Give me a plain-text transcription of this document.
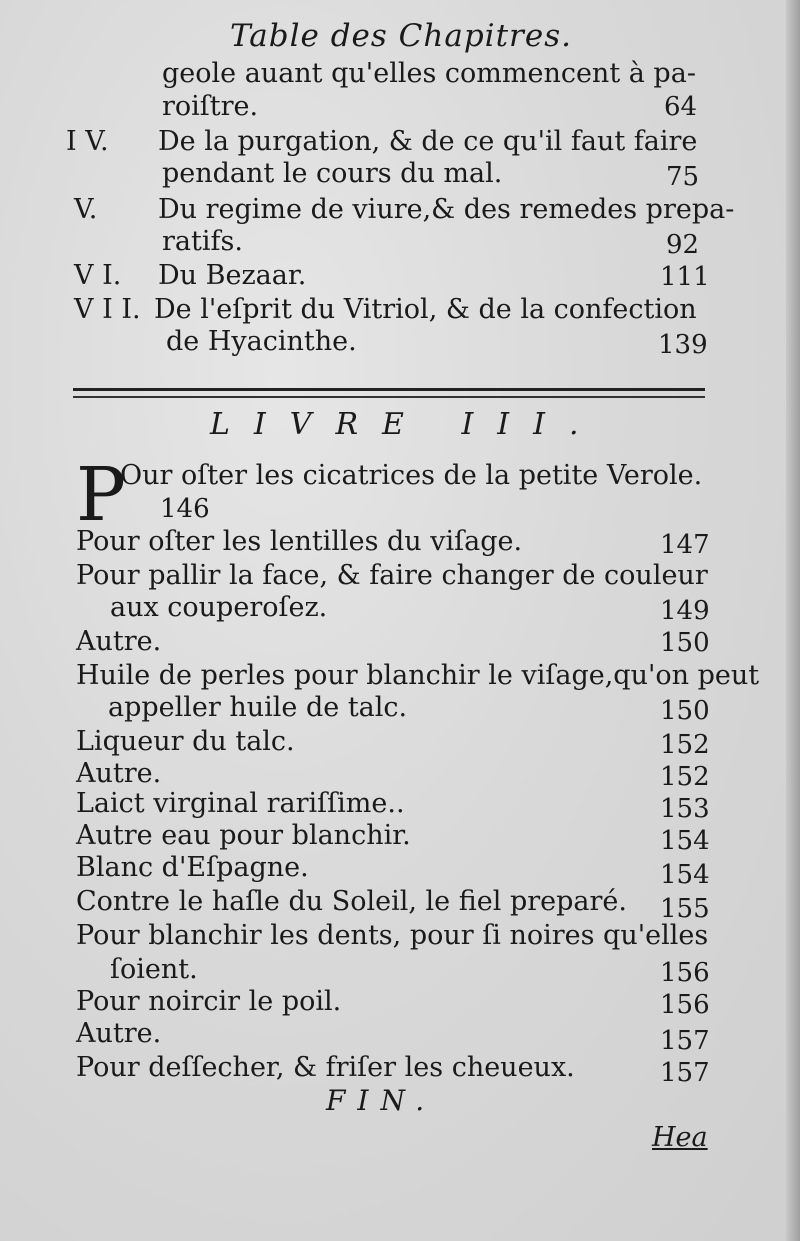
Table des Chapitres.
geole auant qu'elles commencent à pa-
roiſtre.	64
I V. De la purgation, & de ce qu'il faut faire
pendant le cours du mal.	75
V. Du regime de viure,& des remedes prepa-
ratifs.	92
V I. Du Bezaar.	111
V I I. De l'eſprit du Vitriol, & de la confection
de Hyacinthe.	139
LIVRE III.
P
Our oſter les cicatrices de la petite Verole.
146
Pour oſter les lentilles du viſage.	147
Pour pallir la face, & faire changer de couleur
aux couperoſez.	149
Autre.	150
Huile de perles pour blanchir le viſage,qu'on peut
appeller huile de talc.	150
Liqueur du talc.	152
Autre.	152
Laict virginal rariſſime..	153
Autre eau pour blanchir.	154
Blanc d'Eſpagne.	154
Contre le haſle du Soleil, le fiel preparé. 155
Pour blanchir les dents, pour ſi noires qu'elles
ſoient.	156
Pour noircir le poil.	156
Autre.	157
Pour deſſecher, & friſer les cheueux.	157
FIN.
Hea
